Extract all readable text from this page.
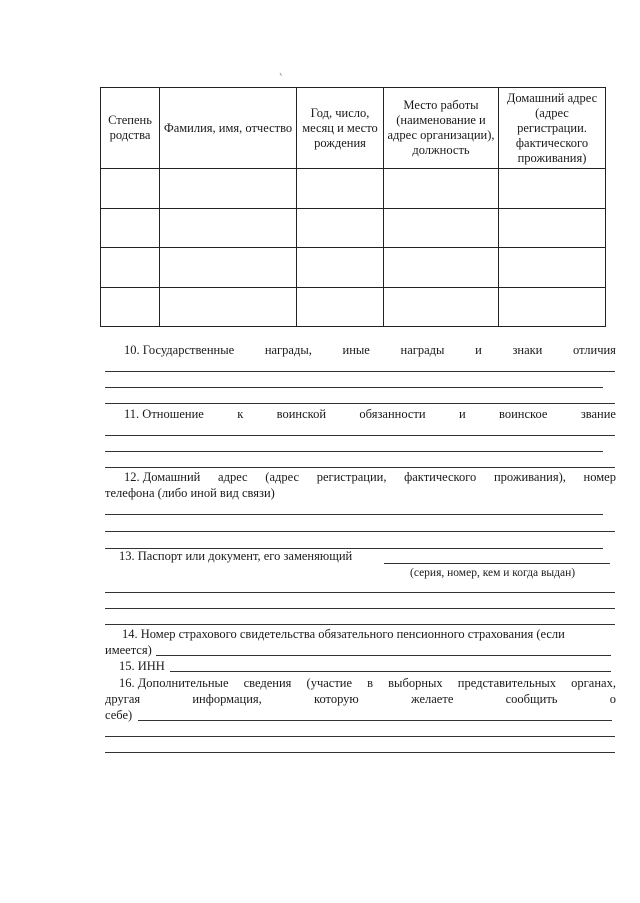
Степень родства	Фамилия, имя, отчество	Год, число, месяц и место рождения	Место работы (наименование и адрес организации), должность	Домашний адрес (адрес регистрации. фактического проживания)

10. Государственные награды, иные награды и знаки отличия
11. Отношение	к	воинской	обязанности	и	воинское	звание
12. Домашний адрес (адрес регистрации, фактического проживания), номер
телефона (либо иной вид связи)
13. Паспорт или документ, его заменяющий
(серия, номер, кем и когда выдан)
14. Номер страхового свидетельства обязательного пенсионного страхования (если
имеется)
15. ИНН
16. Дополнительные сведения (участие в выборных представительных органах,
другая	информация,	которую	желаете	сообщить	о
себе)
